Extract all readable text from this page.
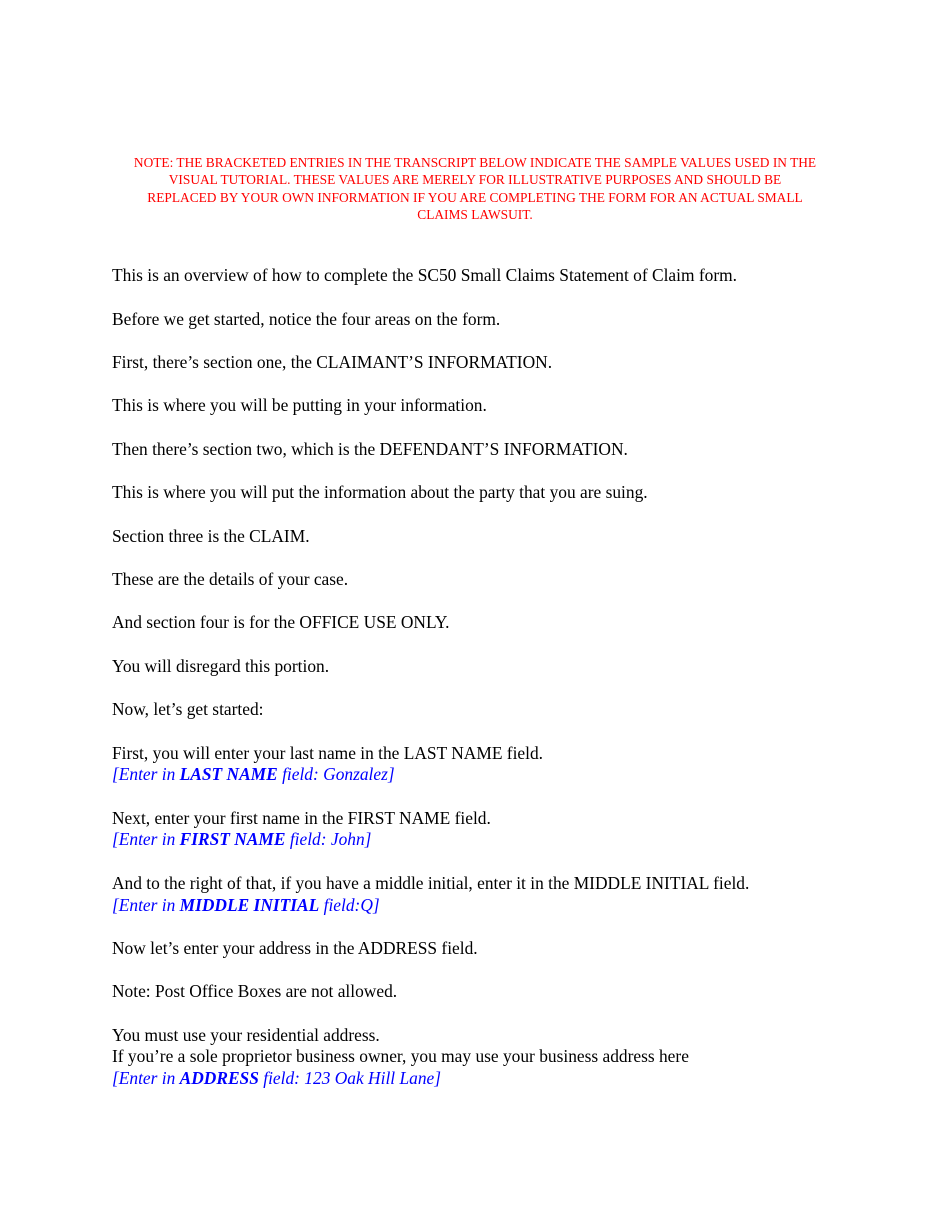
NOTE: THE BRACKETED ENTRIES IN THE TRANSCRIPT BELOW INDICATE THE SAMPLE VALUES USED IN THE
VISUAL TUTORIAL. THESE VALUES ARE MERELY FOR ILLUSTRATIVE PURPOSES AND SHOULD BE
REPLACED BY YOUR OWN INFORMATION IF YOU ARE COMPLETING THE FORM FOR AN ACTUAL SMALL
CLAIMS LAWSUIT.
This is an overview of how to complete the SC50 Small Claims Statement of Claim form.
Before we get started, notice the four areas on the form.
First, there’s section one, the CLAIMANT’S INFORMATION.
This is where you will be putting in your information.
Then there’s section two, which is the DEFENDANT’S INFORMATION.
This is where you will put the information about the party that you are suing.
Section three is the CLAIM.
These are the details of your case.
And section four is for the OFFICE USE ONLY.
You will disregard this portion.
Now, let’s get started:
First, you will enter your last name in the LAST NAME field.
[Enter in LAST NAME field: Gonzalez]
Next, enter your first name in the FIRST NAME field.
[Enter in FIRST NAME field: John]
And to the right of that, if you have a middle initial, enter it in the MIDDLE INITIAL field.
[Enter in MIDDLE INITIAL field:Q]
Now let’s enter your address in the ADDRESS field.
Note: Post Office Boxes are not allowed.
You must use your residential address.
If you’re a sole proprietor business owner, you may use your business address here
[Enter in ADDRESS field: 123 Oak Hill Lane]
